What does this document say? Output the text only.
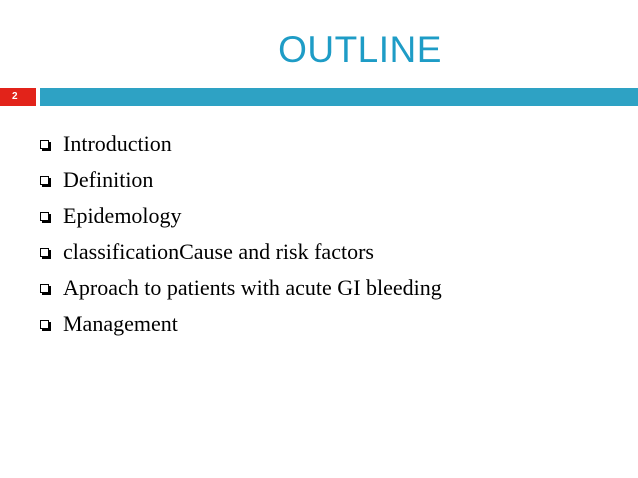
OUTLINE
2
Introduction
Definition
Epidemology
classificationCause and risk factors
Aproach to patients with acute GI bleeding
Management
